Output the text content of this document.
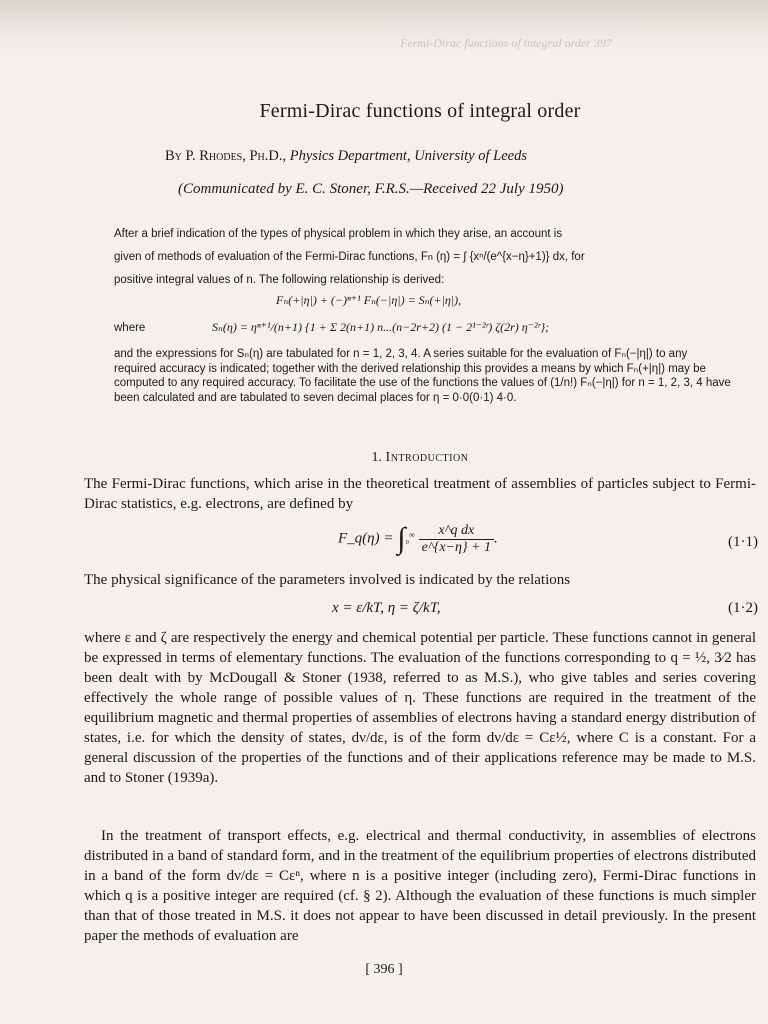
Fermi-Dirac functions of integral order 397
Fermi-Dirac functions of integral order
By P. Rhodes, Ph.D., Physics Department, University of Leeds
(Communicated by E. C. Stoner, F.R.S.—Received 22 July 1950)
After a brief indication of the types of physical problem in which they arise, an account is
given of methods of evaluation of the Fermi-Dirac functions, Fn (η) = ∫ {xⁿ/(e^{x−η}+1)} dx, for
positive integral values of n. The following relationship is derived:
Fₙ(+|η|) + (−)ⁿ⁺¹ Fₙ(−|η|) = Sₙ(+|η|),
where	Sₙ(η) = ηⁿ⁺¹/(n+1) {1 + Σ 2(n+1) n...(n−2r+2) (1 − 2¹⁻²ʳ) ζ(2r) η⁻²ʳ};
and the expressions for Sₙ(η) are tabulated for n = 1, 2, 3, 4. A series suitable for the evaluation of Fₙ(−|η|) to any required accuracy is indicated; together with the derived relationship this provides a means by which Fₙ(+|η|) may be computed to any required accuracy. To facilitate the use of the functions the values of (1/n!) Fₙ(−|η|) for n = 1, 2, 3, 4 have been calculated and are tabulated to seven decimal places for η = 0·0(0·1) 4·0.
1. Introduction
The Fermi-Dirac functions, which arise in the theoretical treatment of assemblies of particles subject to Fermi-Dirac statistics, e.g. electrons, are defined by
F_q(η) = $\int_0^\infty \frac{\text{x\textasciicircum{}q dx}}{e\^{}\{x-\eta\} + 1}$ .	(1·1)
The physical significance of the parameters involved is indicated by the relations
x = ε/kT, η = ζ/kT,	(1·2)
where ε and ζ are respectively the energy and chemical potential per particle. These functions cannot in general be expressed in terms of elementary functions. The evaluation of the functions corresponding to q = ½, 3⁄2 has been dealt with by McDougall & Stoner (1938, referred to as M.S.), who give tables and series covering effectively the whole range of possible values of η. These functions are required in the treatment of the equilibrium magnetic and thermal properties of assemblies of electrons having a standard energy distribution of states, i.e. for which the density of states, dν/dε, is of the form dν/dε = Cε½, where C is a constant. For a general discussion of the properties of the functions and of their applications reference may be made to M.S. and to Stoner (1939a).
In the treatment of transport effects, e.g. electrical and thermal conductivity, in assemblies of electrons distributed in a band of standard form, and in the treatment of the equilibrium properties of electrons distributed in a band of the form dν/dε = Cεⁿ, where n is a positive integer (including zero), Fermi-Dirac functions in which q is a positive integer are required (cf. § 2). Although the evaluation of these functions is much simpler than that of those treated in M.S. it does not appear to have been discussed in detail previously. In the present paper the methods of evaluation are
[ 396 ]
